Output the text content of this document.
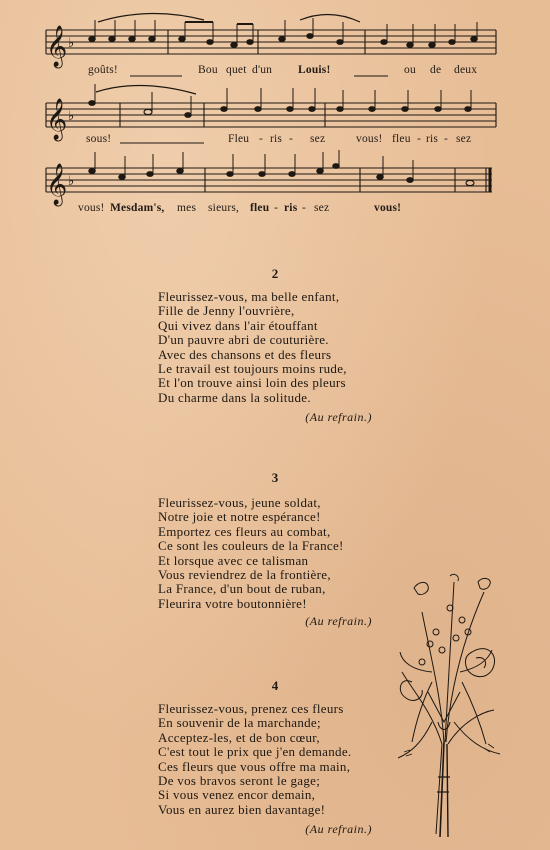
𝄞
𝄞
𝄞
♭
♭
♭
goûts!	Bou quet d'un Louis!	ou de deux
sous!	Fleu - ris - sez	vous! fleu - ris - sez
vous! Mesdam's, mes sieurs, fleu - ris - sez	vous!
2
Fleurissez-vous, ma belle enfant,
Fille de Jenny l'ouvrière,
Qui vivez dans l'air étouffant
D'un pauvre abri de couturière.
Avec des chansons et des fleurs
Le travail est toujours moins rude,
Et l'on trouve ainsi loin des pleurs
Du charme dans la solitude.
(Au refrain.)
3
Fleurissez-vous, jeune soldat,
Notre joie et notre espérance!
Emportez ces fleurs au combat,
Ce sont les couleurs de la France!
Et lorsque avec ce talisman
Vous reviendrez de la frontière,
La France, d'un bout de ruban,
Fleurira votre boutonnière!
(Au refrain.)
4
Fleurissez-vous, prenez ces fleurs
En souvenir de la marchande;
Acceptez-les, et de bon cœur,
C'est tout le prix que j'en demande.
Ces fleurs que vous offre ma main,
De vos bravos seront le gage;
Si vous venez encor demain,
Vous en aurez bien davantage!
(Au refrain.)
